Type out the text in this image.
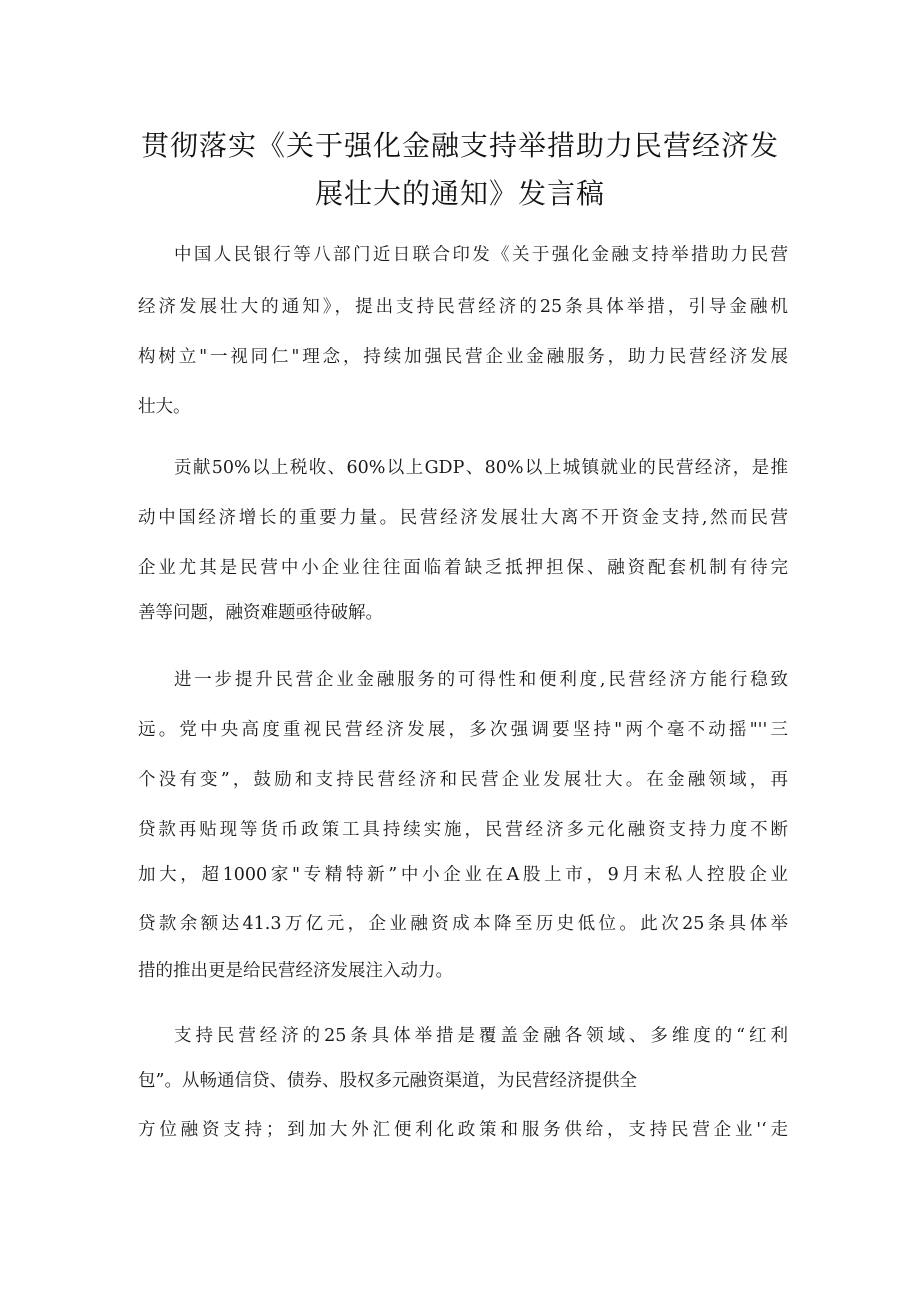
贯彻落实《关于强化金融支持举措助力民营经济发
展壮大的通知》发言稿
中国人民银行等八部门近日联合印发《关于强化金融支持举措助力民营
经济发展壮大的通知》，提出支持民营经济的25条具体举措，引导金融机
构树立"一视同仁"理念，持续加强民营企业金融服务，助力民营经济发展
壮大。
贡献50%以上税收、60%以上GDP、80%以上城镇就业的民营经济，是推
动中国经济增长的重要力量。民营经济发展壮大离不开资金支持,然而民营
企业尤其是民营中小企业往往面临着缺乏抵押担保、融资配套机制有待完
善等问题，融资难题亟待破解。
进一步提升民营企业金融服务的可得性和便利度,民营经济方能行稳致
远。党中央高度重视民营经济发展，多次强调要坚持"两个毫不动摇"''三
个没有变”，鼓励和支持民营经济和民营企业发展壮大。在金融领域，再
贷款再贴现等货币政策工具持续实施，民营经济多元化融资支持力度不断
加大，超1000家"专精特新”中小企业在A股上市，9月末私人控股企业
贷款余额达41.3万亿元，企业融资成本降至历史低位。此次25条具体举
措的推出更是给民营经济发展注入动力。
支持民营经济的25条具体举措是覆盖金融各领域、多维度的“红利
包”。从畅通信贷、债券、股权多元融资渠道，为民营经济提供全
方位融资支持；到加大外汇便利化政策和服务供给，支持民营企业'‘走
